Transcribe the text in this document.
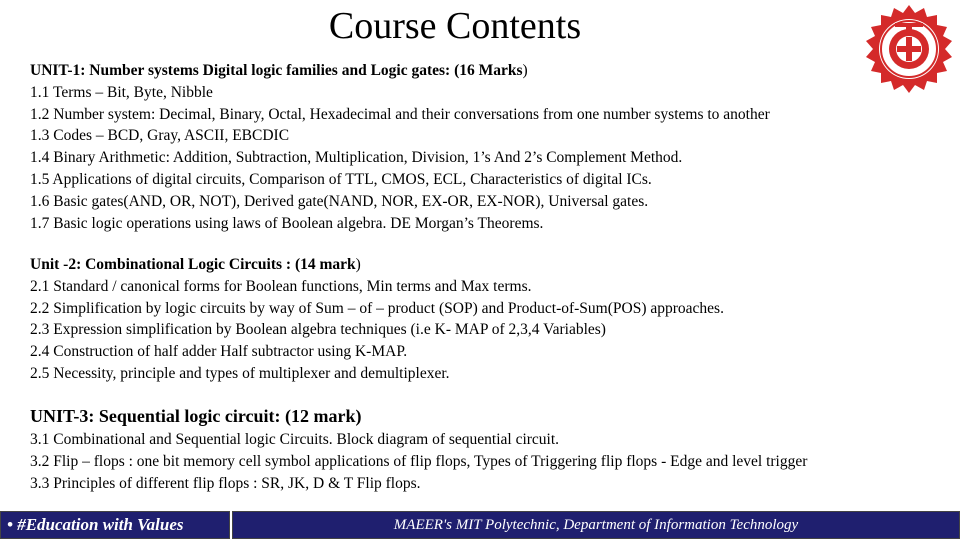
Course Contents
UNIT-1: Number systems Digital logic families and Logic gates: (16 Marks)
1.1 Terms – Bit, Byte, Nibble
1.2 Number system: Decimal, Binary, Octal, Hexadecimal and their conversations from one number systems to another
1.3 Codes – BCD, Gray, ASCII, EBCDIC
1.4 Binary Arithmetic: Addition, Subtraction, Multiplication, Division, 1’s And 2’s Complement Method.
1.5 Applications of digital circuits, Comparison of TTL, CMOS, ECL, Characteristics of digital ICs.
1.6 Basic gates(AND, OR, NOT), Derived gate(NAND, NOR, EX-OR, EX-NOR), Universal gates.
1.7 Basic logic operations using laws of Boolean algebra. DE Morgan’s Theorems.
Unit -2: Combinational Logic Circuits : (14 mark)
2.1 Standard / canonical forms for Boolean functions, Min terms and Max terms.
2.2 Simplification by logic circuits by way of Sum – of – product (SOP) and Product-of-Sum(POS) approaches.
2.3 Expression simplification by Boolean algebra techniques (i.e K- MAP of 2,3,4 Variables)
2.4 Construction of half adder Half subtractor using K-MAP.
2.5 Necessity, principle and types of multiplexer and demultiplexer.
UNIT-3: Sequential logic circuit: (12 mark)
3.1 Combinational and Sequential logic Circuits. Block diagram of sequential circuit.
3.2 Flip – flops : one bit memory cell symbol applications of flip flops, Types of Triggering flip flops - Edge and level trigger
3.3 Principles of different flip flops : SR, JK, D & T Flip flops.
• #Education with Values	MAEER's MIT Polytechnic, Department of Information Technology
